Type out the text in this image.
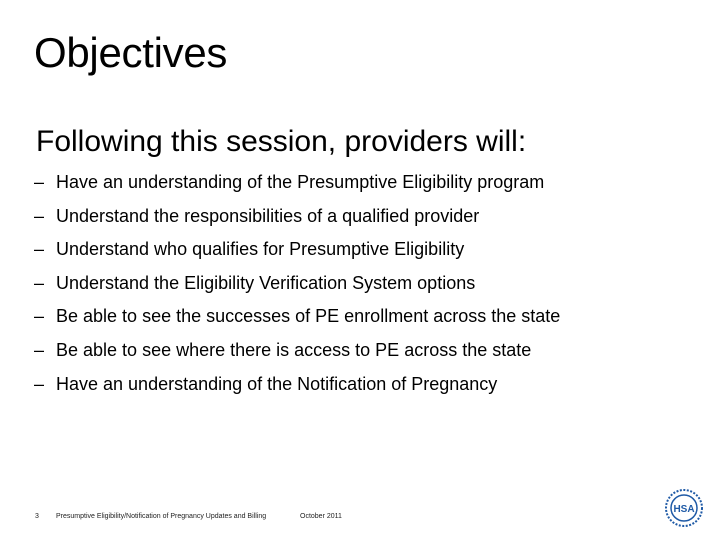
Objectives
Following this session, providers will:
– Have an understanding of the Presumptive Eligibility program
– Understand the responsibilities of a qualified provider
– Understand who qualifies for Presumptive Eligibility
– Understand the Eligibility Verification System options
– Be able to see the successes of PE enrollment across the state
– Be able to see where there is access to PE across the state
– Have an understanding of the Notification of Pregnancy
3 Presumptive Eligibility/Notification of Pregnancy Updates and Billing	October 2011
HSA
